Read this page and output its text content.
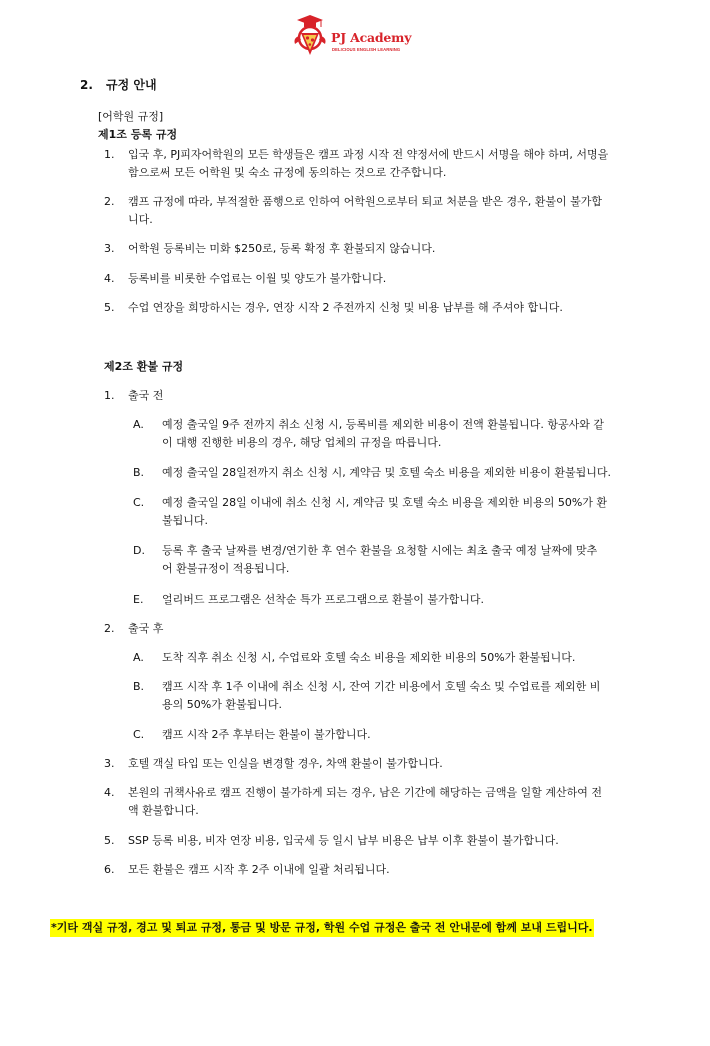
PJ Academy
DELICIOUS ENGLISH LEARNING
2. 규정 안내
[어학원 규정]
제1조 등록 규정
1. 입국 후, PJ피자어학원의 모든 학생들은 캠프 과정 시작 전 약정서에 반드시 서명을 해야 하며, 서명을
함으로써 모든 어학원 및 숙소 규정에 동의하는 것으로 간주합니다.
2. 캠프 규정에 따라, 부적절한 품행으로 인하여 어학원으로부터 퇴교 처분을 받은 경우, 환불이 불가합
니다.
3. 어학원 등록비는 미화 $250로, 등록 확정 후 환불되지 않습니다.
4. 등록비를 비롯한 수업료는 이월 및 양도가 불가합니다.
5. 수업 연장을 희망하시는 경우, 연장 시작 2 주전까지 신청 및 비용 납부를 해 주셔야 합니다.
제2조 환불 규정
1. 출국 전
A. 예정 출국일 9주 전까지 취소 신청 시, 등록비를 제외한 비용이 전액 환불됩니다. 항공사와 같
이 대행 진행한 비용의 경우, 해당 업체의 규정을 따릅니다.
B. 예정 출국일 28일전까지 취소 신청 시, 계약금 및 호텔 숙소 비용을 제외한 비용이 환불됩니다.
C. 예정 출국일 28일 이내에 취소 신청 시, 계약금 및 호텔 숙소 비용을 제외한 비용의 50%가 환
불됩니다.
D. 등록 후 출국 날짜를 변경/연기한 후 연수 환불을 요청할 시에는 최초 출국 예정 날짜에 맞추
어 환불규정이 적용됩니다.
E. 얼리버드 프로그램은 선착순 특가 프로그램으로 환불이 불가합니다.
2. 출국 후
A. 도착 직후 취소 신청 시, 수업료와 호텔 숙소 비용을 제외한 비용의 50%가 환불됩니다.
B. 캠프 시작 후 1주 이내에 취소 신청 시, 잔여 기간 비용에서 호텔 숙소 및 수업료를 제외한 비
용의 50%가 환불됩니다.
C. 캠프 시작 2주 후부터는 환불이 불가합니다.
3. 호텔 객실 타입 또는 인실을 변경할 경우, 차액 환불이 불가합니다.
4. 본원의 귀책사유로 캠프 진행이 불가하게 되는 경우, 남은 기간에 해당하는 금액을 일할 계산하여 전
액 환불합니다.
5. SSP 등록 비용, 비자 연장 비용, 입국세 등 일시 납부 비용은 납부 이후 환불이 불가합니다.
6. 모든 환불은 캠프 시작 후 2주 이내에 일괄 처리됩니다.
*기타 객실 규정, 경고 및 퇴교 규정, 통금 및 방문 규정, 학원 수업 규정은 출국 전 안내문에 함께 보내 드립니다.
